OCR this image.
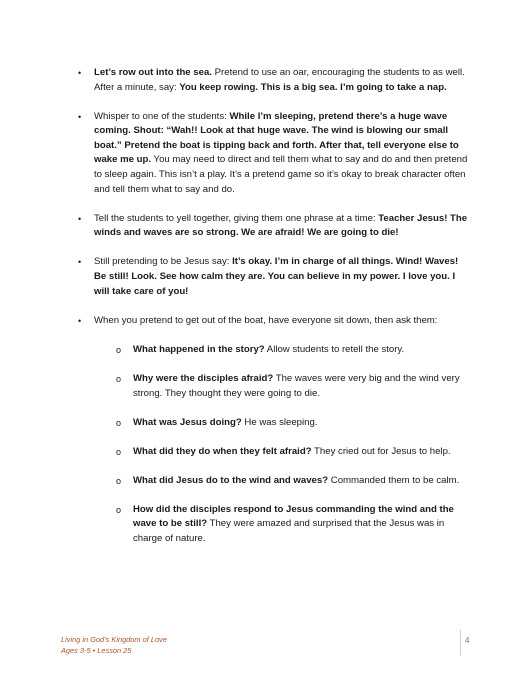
• Let’s row out into the sea. Pretend to use an oar, encouraging the students to as well. After a minute, say: You keep rowing. This is a big sea. I’m going to take a nap.
• Whisper to one of the students: While I’m sleeping, pretend there’s a huge wave coming. Shout: “Wah!! Look at that huge wave. The wind is blowing our small boat.” Pretend the boat is tipping back and forth. After that, tell everyone else to wake me up. You may need to direct and tell them what to say and do and then pretend to sleep again. This isn’t a play. It’s a pretend game so it’s okay to break character often and tell them what to say and do.
• Tell the students to yell together, giving them one phrase at a time: Teacher Jesus! The winds and waves are so strong. We are afraid! We are going to die!
• Still pretending to be Jesus say: It’s okay. I’m in charge of all things. Wind! Waves! Be still! Look. See how calm they are. You can believe in my power. I love you. I will take care of you!
• When you pretend to get out of the boat, have everyone sit down, then ask them:
o What happened in the story? Allow students to retell the story.
o Why were the disciples afraid? The waves were very big and the wind very strong. They thought they were going to die.
o What was Jesus doing? He was sleeping.
o What did they do when they felt afraid? They cried out for Jesus to help.
o What did Jesus do to the wind and waves? Commanded them to be calm.
o How did the disciples respond to Jesus commanding the wind and the wave to be still? They were amazed and surprised that the Jesus was in charge of nature.
Living in God’s Kingdom of Love
Ages 3-5 • Lesson 25
4
